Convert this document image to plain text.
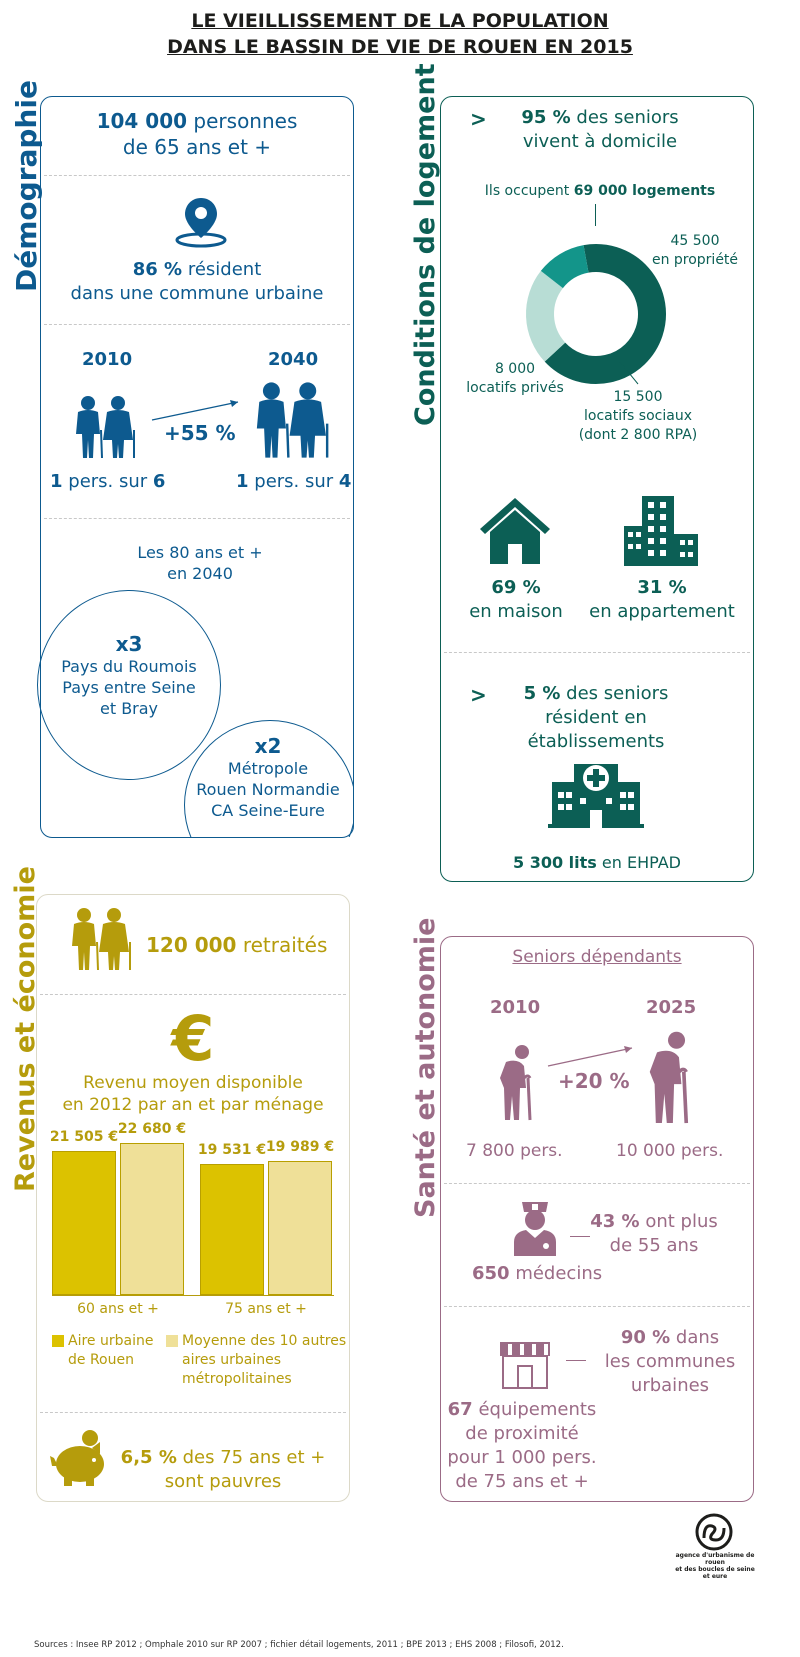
LE VIEILLISSEMENT DE LA POPULATION
DANS LE BASSIN DE VIE DE ROUEN EN 2015
Démographie	104 000 personnes
de 65 ans et +
86 % résident
dans une commune urbaine
2010	2040
+55 %
1 pers. sur 6	1 pers. sur 4
Les 80 ans et +
en 2040
x3
Pays du Roumois
Pays entre Seine
et Bray
x2
Métropole
Rouen Normandie
CA Seine-Eure
Conditions de logement >	95 % des seniors
vivent à domicile
Ils occupent 69 000 logements
45 500
en propriété
8 000
locatifs privés
15 500
locatifs sociaux
(dont 2 800 RPA)
69 %
en maison
31 %
en appartement
>	5 % des seniors
résident en établissements
5 300 lits en EHPAD
Revenus et économie	120 000 retraités
€
Revenu moyen disponible
en 2012 par an et par ménage
21 505 € 22 680 €
60 ans et +
19 531 € 19 989 €
75 ans et +
Aire urbaine
de Rouen
Moyenne des 10 autres
aires urbaines
métropolitaines
6,5 % des 75 ans et +
sont pauvres
Santé et autonomie	Seniors dépendants
2010	2025
+20 %
7 800 pers.	10 000 pers.
650 médecins
43 % ont plus
de 55 ans
90 % dans
les communes
urbaines
67 équipements
de proximité
pour 1 000 pers.
de 75 ans et +
Sources : Insee RP 2012 ; Omphale 2010 sur RP 2007 ; fichier détail logements, 2011 ; BPE 2013 ; EHS 2008 ; Filosofi, 2012.
agence d'urbanisme de rouen
et des boucles de seine
et eure
